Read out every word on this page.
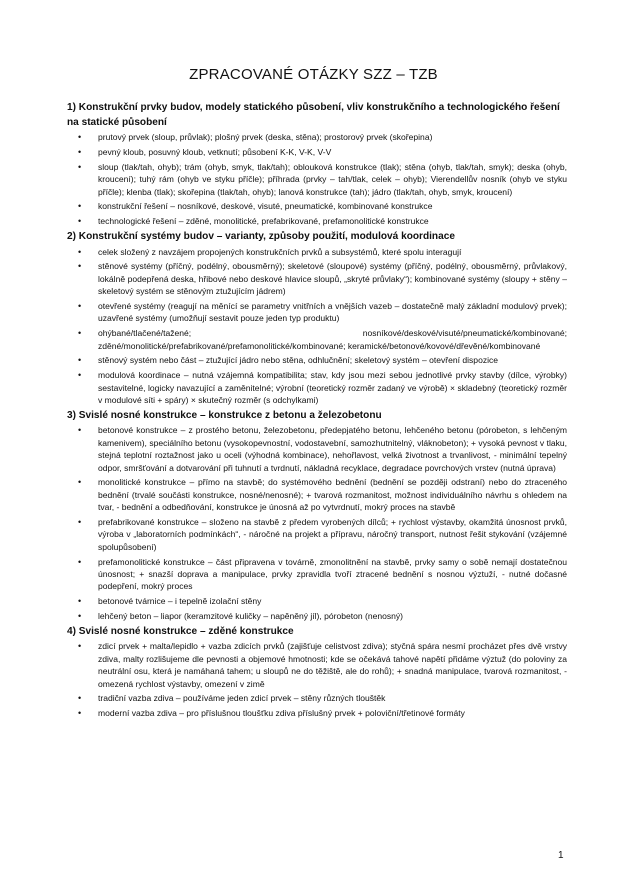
ZPRACOVANÉ OTÁZKY SZZ – TZB

1) Konstrukční prvky budov, modely statického působení, vliv konstrukčního a technologického řešení na statické působení

• prutový prvek (sloup, průvlak); plošný prvek (deska, stěna); prostorový prvek (skořepina)
• pevný kloub, posuvný kloub, vetknutí; působení K-K, V-K, V-V
• sloup (tlak/tah, ohyb); trám (ohyb, smyk, tlak/tah); oblouková konstrukce (tlak); stěna (ohyb, tlak/tah, smyk); deska (ohyb, kroucení); tuhý rám (ohyb ve styku příčle); příhrada (prvky – tah/tlak, celek – ohyb); Vierendellův nosník (ohyb ve styku příčle); klenba (tlak); skořepina (tlak/tah, ohyb); lanová konstrukce (tah); jádro (tlak/tah, ohyb, smyk, kroucení)
• konstrukční řešení – nosníkové, deskové, visuté, pneumatické, kombinované konstrukce
• technologické řešení – zděné, monolitické, prefabrikované, prefamonolitické konstrukce

2) Konstrukční systémy budov – varianty, způsoby použití, modulová koordinace

• celek složený z navzájem propojených konstrukčních prvků a subsystémů, které spolu interagují
• stěnové systémy (příčný, podélný, obousměrný); skeletové (sloupové) systémy (příčný, podélný, obousměrný, průvlakový, lokálně podepřená deska, hřibové nebo deskové hlavice sloupů, „skryté průvlaky“); kombinované systémy (sloupy + stěny – skeletový systém se stěnovým ztužujícím jádrem)
• otevřené systémy (reagují na měnící se parametry vnitřních a vnějších vazeb – dostatečně malý základní modulový prvek); uzavřené systémy (umožňují sestavit pouze jeden typ produktu)
• ohýbané/tlačené/tažené; nosníkové/deskové/visuté/pneumatické/kombinované; zděné/monolitické/prefabrikované/prefamonolitické/kombinované; keramické/betonové/kovové/dřevěné/kombinované
• stěnový systém nebo část – ztužující jádro nebo stěna, odhlučnění; skeletový systém – otevření dispozice
• modulová koordinace – nutná vzájemná kompatibilita; stav, kdy jsou mezi sebou jednotlivé prvky stavby (dílce, výrobky) sestavitelné, logicky navazující a zaměnitelné; výrobní (teoretický rozměr zadaný ve výrobě) × skladebný (teoretický rozměr v modulové síti + spáry) × skutečný rozměr (s odchylkami)

3) Svislé nosné konstrukce – konstrukce z betonu a železobetonu

• betonové konstrukce – z prostého betonu, železobetonu, předepjatého betonu, lehčeného betonu (pórobeton, s lehčeným kamenivem), speciálního betonu (vysokopevnostní, vodostavební, samozhutnitelný, vláknobeton); + vysoká pevnost v tlaku, stejná teplotní roztažnost jako u oceli (výhodná kombinace), nehořlavost, velká životnost a trvanlivost, - minimální tepelný odpor, smršťování a dotvarování při tuhnutí a tvrdnutí, nákladná recyklace, degradace povrchových vrstev (nutná úprava)
• monolitické konstrukce – přímo na stavbě; do systémového bednění (bednění se později odstraní) nebo do ztraceného bednění (trvalé součásti konstrukce, nosné/nenosné); + tvarová rozmanitost, možnost individuálního návrhu s ohledem na tvar, - bednění a odbedňování, konstrukce je únosná až po vytvrdnutí, mokrý proces na stavbě
• prefabrikované konstrukce – složeno na stavbě z předem vyrobených dílců; + rychlost výstavby, okamžitá únosnost prvků, výroba v „laboratorních podmínkách“, - náročné na projekt a přípravu, náročný transport, nutnost řešit stykování (vzájemné spolupůsobení)
• prefamonolitické konstrukce – část připravena v továrně, zmonolitnění na stavbě, prvky samy o sobě nemají dostatečnou únosnost; + snazší doprava a manipulace, prvky zpravidla tvoří ztracené bednění s nosnou výztuží, - nutné dočasné podepření, mokrý proces
• betonové tvárnice – i tepelně izolační stěny
• lehčený beton – liapor (keramzitové kuličky – napěněný jíl), pórobeton (nenosný)

4) Svislé nosné konstrukce – zděné konstrukce

• zdicí prvek + malta/lepidlo + vazba zdicích prvků (zajišťuje celistvost zdiva); styčná spára nesmí procházet přes dvě vrstvy zdiva, malty rozlišujeme dle pevnosti a objemové hmotnosti; kde se očekává tahové napětí přidáme výztuž (do poloviny za neutrální osu, která je namáhaná tahem; u sloupů ne do těžiště, ale do rohů); + snadná manipulace, tvarová rozmanitost, - omezená rychlost výstavby, omezení v zimě
• tradiční vazba zdiva – používáme jeden zdicí prvek – stěny různých tlouštěk
• moderní vazba zdiva – pro příslušnou tloušťku zdiva příslušný prvek + poloviční/třetinové formáty
1
